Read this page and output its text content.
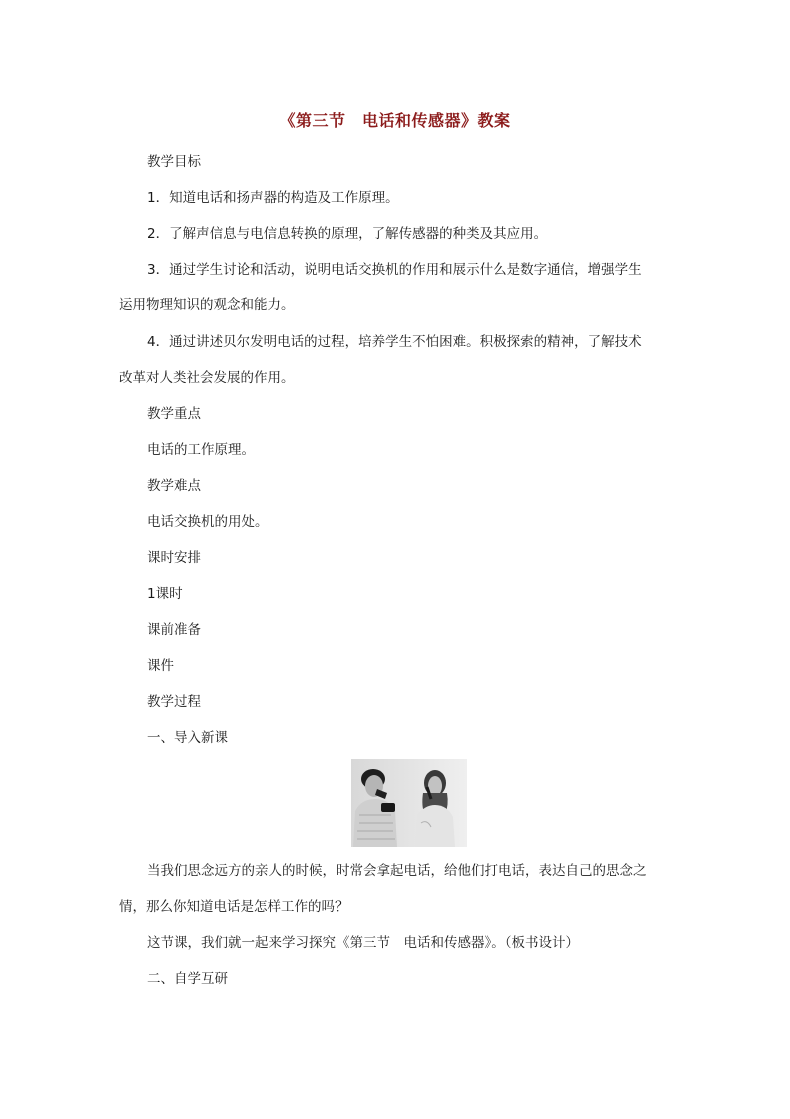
《第三节　电话和传感器》教案
教学目标
1．知道电话和扬声器的构造及工作原理。
2．了解声信息与电信息转换的原理，了解传感器的种类及其应用。
3．通过学生讨论和活动，说明电话交换机的作用和展示什么是数字通信，增强学生
运用物理知识的观念和能力。
4．通过讲述贝尔发明电话的过程，培养学生不怕困难。积极探索的精神，了解技术
改革对人类社会发展的作用。
教学重点
电话的工作原理。
教学难点
电话交换机的用处。
课时安排
1课时
课前准备
课件
教学过程
一、导入新课
当我们思念远方的亲人的时候，时常会拿起电话，给他们打电话，表达自己的思念之
情，那么你知道电话是怎样工作的吗？
这节课，我们就一起来学习探究《第三节　电话和传感器》。（板书设计）
二、自学互研
